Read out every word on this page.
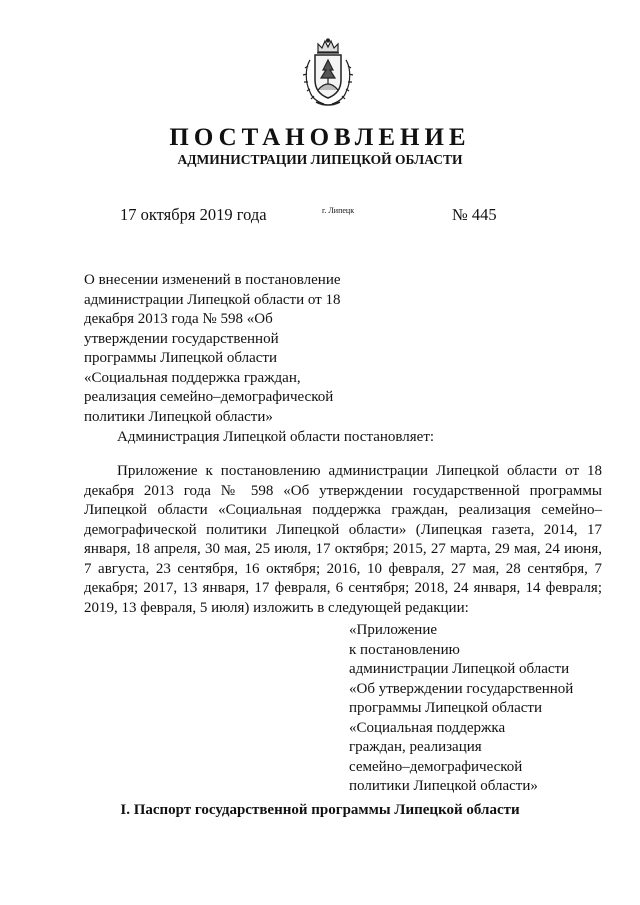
ПОСТАНОВЛЕНИЕ
АДМИНИСТРАЦИИ ЛИПЕЦКОЙ ОБЛАСТИ
17 октября 2019 года	г. Липецк	№ 445
О внесении изменений в постановление
администрации Липецкой области от 18
декабря 2013 года № 598 «Об
утверждении государственной
программы Липецкой области
«Социальная поддержка граждан,
реализация семейно–демографической
политики Липецкой области»
Администрация Липецкой области постановляет:
Приложение к постановлению администрации Липецкой области от 18
декабря 2013 года № 598 «Об утверждении государственной программы
Липецкой области «Социальная поддержка граждан, реализация семейно–
демографической политики Липецкой области» (Липецкая газета, 2014, 17
января, 18 апреля, 30 мая, 25 июля, 17 октября; 2015, 27 марта, 29 мая, 24 июня,
7 августа, 23 сентября, 16 октября; 2016, 10 февраля, 27 мая, 28 сентября, 7
декабря; 2017, 13 января, 17 февраля, 6 сентября; 2018, 24 января, 14 февраля;
2019, 13 февраля, 5 июля) изложить в следующей редакции:
«Приложение
к постановлению
администрации Липецкой области
«Об утверждении государственной
программы Липецкой области
«Социальная поддержка
граждан, реализация
семейно–демографической
политики Липецкой области»
I. Паспорт государственной программы Липецкой области
